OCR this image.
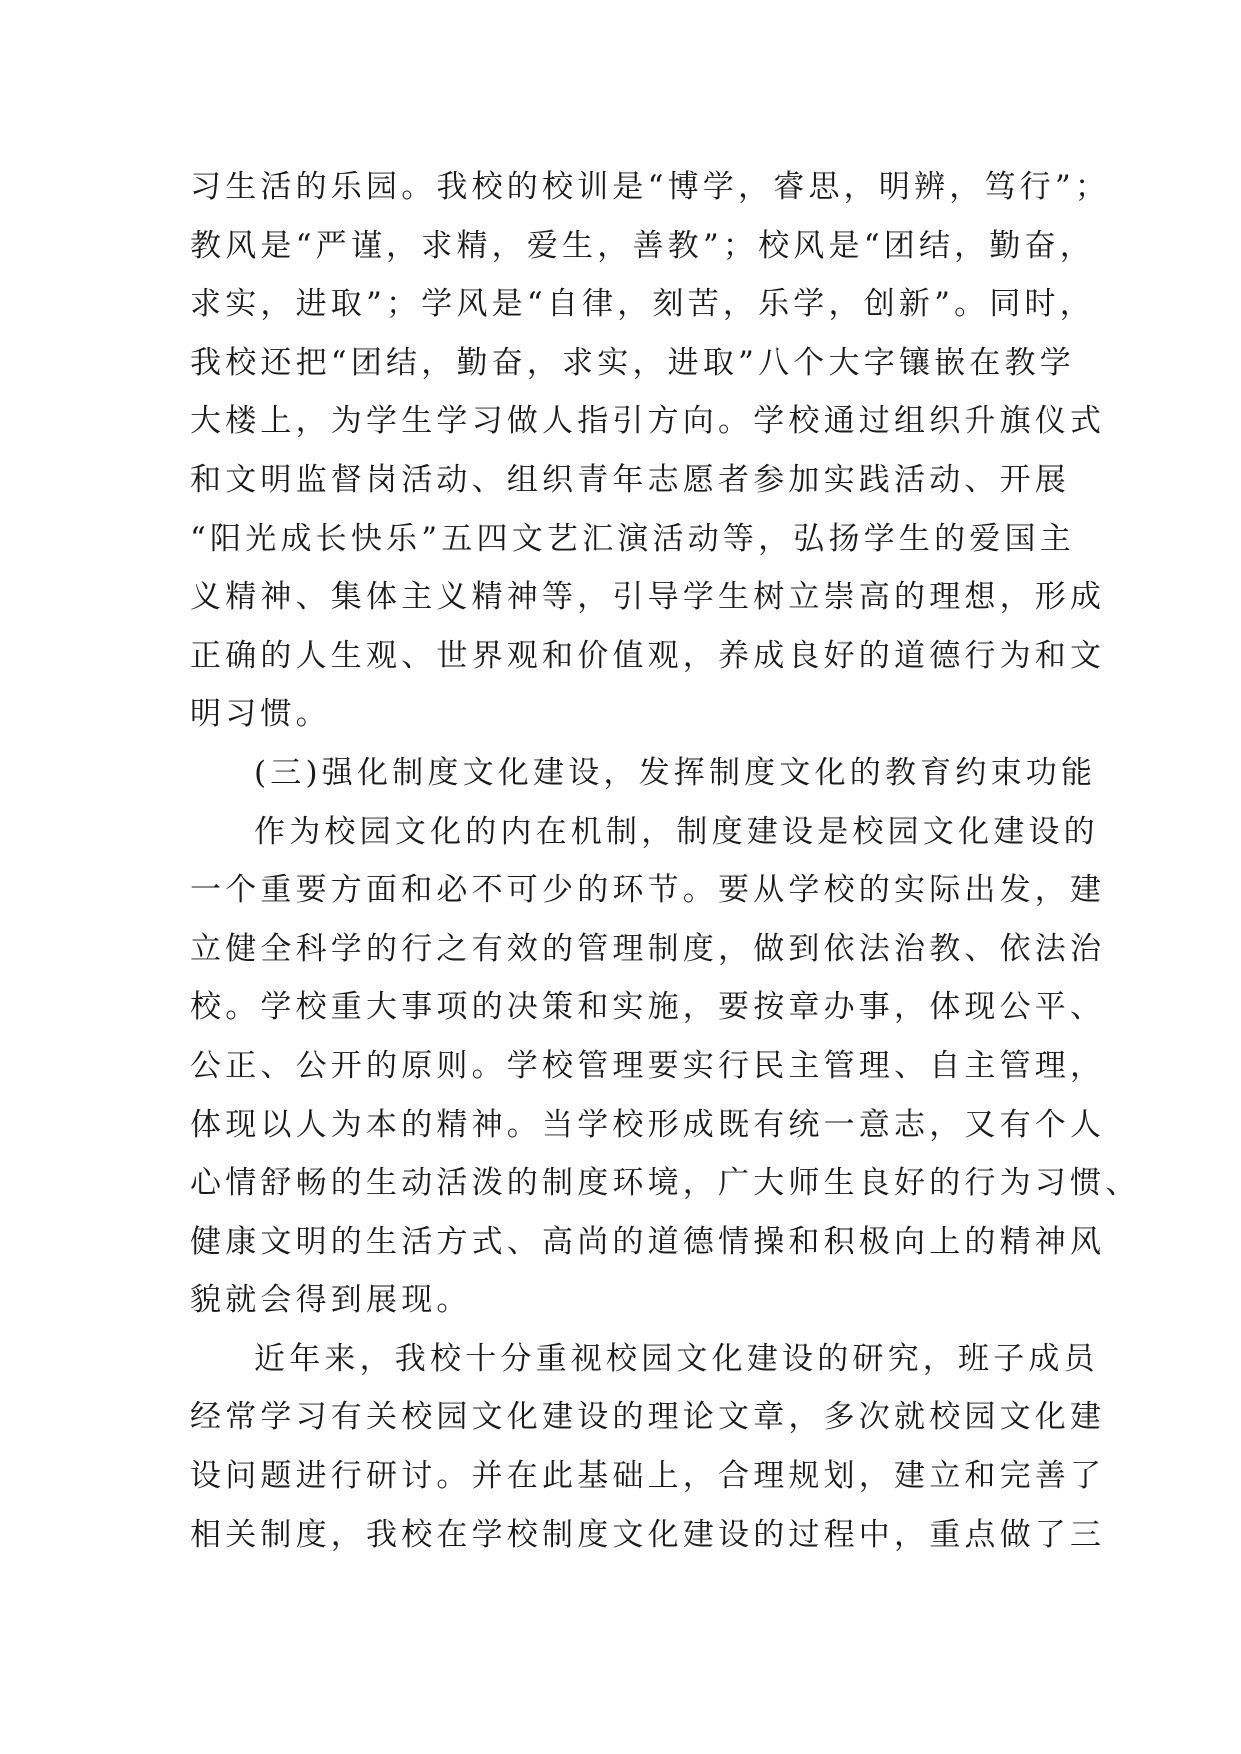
习生活的乐园。我校的校训是“博学，睿思，明辨，笃行”；
教风是“严谨，求精，爱生，善教”；校风是“团结，勤奋，
求实，进取”；学风是“自律，刻苦，乐学，创新”。同时，
我校还把“团结，勤奋，求实，进取”八个大字镶嵌在教学
大楼上，为学生学习做人指引方向。学校通过组织升旗仪式
和文明监督岗活动、组织青年志愿者参加实践活动、开展
“阳光成长快乐”五四文艺汇演活动等，弘扬学生的爱国主
义精神、集体主义精神等，引导学生树立崇高的理想，形成
正确的人生观、世界观和价值观，养成良好的道德行为和文
明习惯。
(三)强化制度文化建设，发挥制度文化的教育约束功能
作为校园文化的内在机制，制度建设是校园文化建设的
一个重要方面和必不可少的环节。要从学校的实际出发，建
立健全科学的行之有效的管理制度，做到依法治教、依法治
校。学校重大事项的决策和实施，要按章办事，体现公平、
公正、公开的原则。学校管理要实行民主管理、自主管理，
体现以人为本的精神。当学校形成既有统一意志，又有个人
心情舒畅的生动活泼的制度环境，广大师生良好的行为习惯、
健康文明的生活方式、高尚的道德情操和积极向上的精神风
貌就会得到展现。
近年来，我校十分重视校园文化建设的研究，班子成员
经常学习有关校园文化建设的理论文章，多次就校园文化建
设问题进行研讨。并在此基础上，合理规划，建立和完善了
相关制度，我校在学校制度文化建设的过程中，重点做了三
